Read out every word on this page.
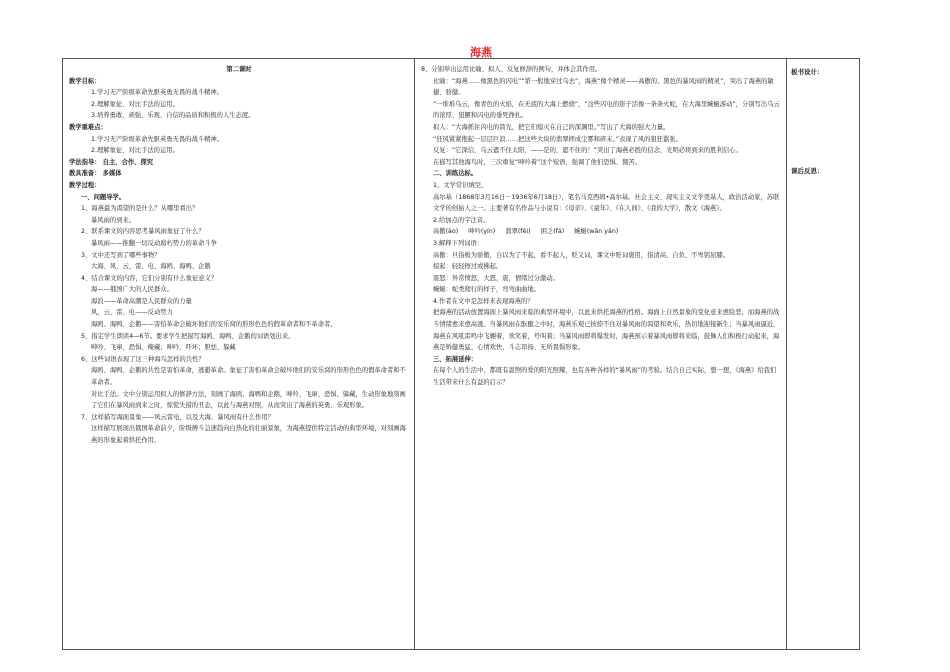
海燕

第二课时

教学目标：

1.学习无产阶级革命先驱英勇无畏的战斗精神。

2.理解象征、对比手法的运用。

3.培养勇敢、顽强、乐观、自信的品质和积极的人生态度。

教学重难点：

1.学习无产阶级革命先驱英勇无畏的战斗精神。

2.理解象征、对比手法的运用。

学法指导： 自主、合作、探究

教具准备： 多媒体

教学过程：

一、问题导学。

1、海燕最为渴望的是什么？从哪里看出？

暴风雨的到来。

2、联系课文的内容思考暴风雨象征了什么？

暴风雨——推翻一切反动腐朽势力的革命斗争

3、文中还写到了哪些事物？

大海、风、云、雷、电、海鸥、海鸭、企鹅

4、结合课文的内容，它们分别有什么象征意义？

海——俄国广大的人民群众。

海浪——革命高潮是人民群众的力量

风、云、雷、电——反动势力

海鸥、海鸭、企鹅——害怕革命会破坏他们的安乐窝的形形色色的假革命者和不革命者。

5、指定学生朗读4—6节。要求学生把描写海鸥、海鸭、企鹅的词语划出来。

呻吟、飞窜、恐惧、掩藏；呻吟、吓坏；胆怯、躲藏

6、这些词语表现了这三种海鸟怎样的共性？

海鸥、海鸭、企鹅的共性是害怕革命，逃避革命。象征了害怕革命会破坏他们的安乐窝的形形色色的假革命者和不革命者。

对比手法。文中分别运用拟人的修辞方法，刻画了海鸥、海鸭和企鹅，呻吟、飞窜、恐惧、躲藏，生动形象地刻画了它们在暴风雨到来之时，惊慌失措的丑态，以此与海燕对照，从而突出了海燕的英勇、乐观形象。

7、这样描写海面景象——风云雷电，以及大海、暴风雨有什么作用？

这样描写展现出俄国革命前夕，阶级搏斗急速趋向白热化的壮丽景象，为海燕提供特定活动的典型环境，对刻画海燕的形象起着烘托作用。

8、分别举出运用比喻、拟人、反复修辞的例句，并体会其作用。

比喻：“海燕……像黑色的闪电”“第一般地穿过乌去”，海燕“像个精灵——高傲的、黑色的暴风雨的精灵”，突出了海燕的敏捷、骄健。

“一堆堆乌云，像青色的火焰，在无底的大海上燃烧”，“这些闪电的影子活像一条条火蛇，在大海里蜿蜒游动”，分别写出乌云的浓厚、狙獗和闪电的垂死挣扎。

拟人：“大海抓住闪电的箭光，把它们熄灭在自己的深渊里。”写出了大海的强大力量。

“狂风紧紧抱起一层层巨浪……把这些大块的翡翠摔成尘雾和碎末。”表现了风的狙狂嚣张。

反复：“它深信，乌云遮不住太阳，——是的，遮不住的！”突出了海燕必胜的信念，光明必将到来的胜利信心。

在描写其他海鸟时，三次重复“呻吟着”这个短语，强调了他们恐惧、猥苦。

二、训练达标。

1、文学常识填空。

高尔基（1868年3月16日－1936年6月18日），笔名马克西姆•高尔基。社会主义、现实主义文学奠基人，政治活动家，苏联文学的创始人之一。主要著有名作品与小说有：《母亲》、《童年》、《在人间》、《我的大学》，散文《海燕》。

2.给加点的字注音。

高傲(ào) 呻吟(yín) 翡翠(fěi) 困乏(fá) 蜿蜒(wān yán)

3.解释下列词语：

高傲：旦指极为骄傲，自以为了不起，看不起人，贬义词，课文中贬词褒用，指清高、自负、不卑躬屈膝。

掠起：轻轻擦过或拂起。

震怒：异常愤怒，大怒，震，情绪过分激动。

蜿蜒：蛇类爬行的样子，弯弯曲曲地。

4.作者在文中是怎样来表现海燕的？

把海燕的活动放置海面上暴风雨来临的典型环境中，以此来烘托海燕的性格。海面上自然景象的变化意来愈险恶，而海燕的战斗情绪愈来愈高涨。当暴风雨在酝酿之中时，海燕乐观已按捺不住对暴风雨的渴望和欢乐，热切地迎接新生；当暴风雨逼近，海燕在风吼雷鸣中飞翱着，欢笑着，号叫着；当暴风雨即将爆发时，海燕预示着暴风雨即将来临，鼓舞人们积极行动起来，海燕是矫健勇猛、心情欢快、斗志昂扬、无所畏惧形象。

三、拓展延伸：

在每个人的生活中，都既有温煦的爱的阳光照耀，也有各种各样的“暴风雨”的考验。结合自己实际，想一想，《海燕》给我们生活带来什么有益的启示？

板书设计：
课后反思：
